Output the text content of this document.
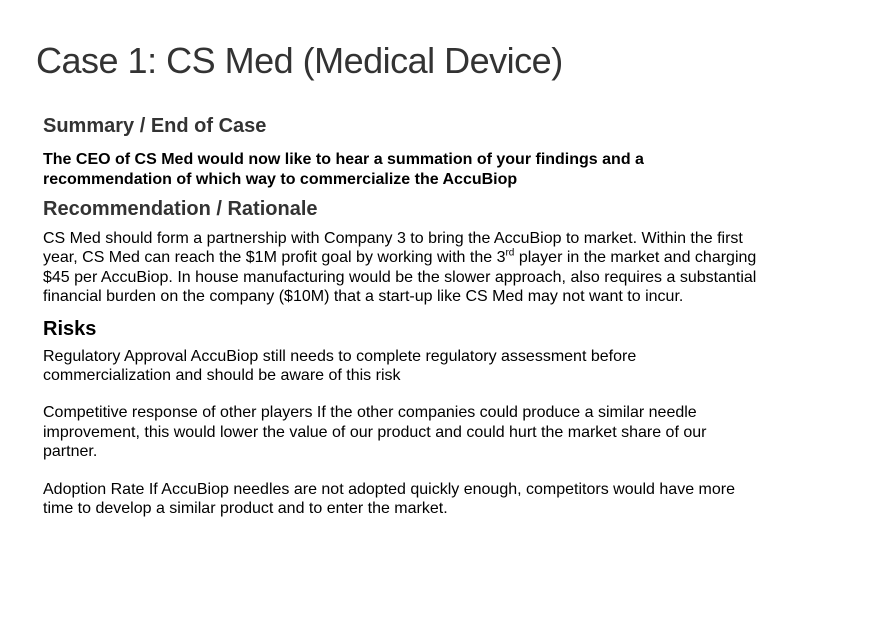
Case 1: CS Med (Medical Device)
Summary / End of Case

The CEO of CS Med would now like to hear a summation of your findings and a recommendation of which way to commercialize the AccuBiop

Recommendation / Rationale

CS Med should form a partnership with Company 3 to bring the AccuBiop to market. Within the first year, CS Med can reach the $1M profit goal by working with the 3rd player in the market and charging $45 per AccuBiop. In house manufacturing would be the slower approach, also requires a substantial financial burden on the company ($10M) that a start-up like CS Med may not want to incur.

Risks

Regulatory Approval AccuBiop still needs to complete regulatory assessment before commercialization and should be aware of this risk

Competitive response of other players If the other companies could produce a similar needle improvement, this would lower the value of our product and could hurt the market share of our partner.

Adoption Rate If AccuBiop needles are not adopted quickly enough, competitors would have more time to develop a similar product and to enter the market.
